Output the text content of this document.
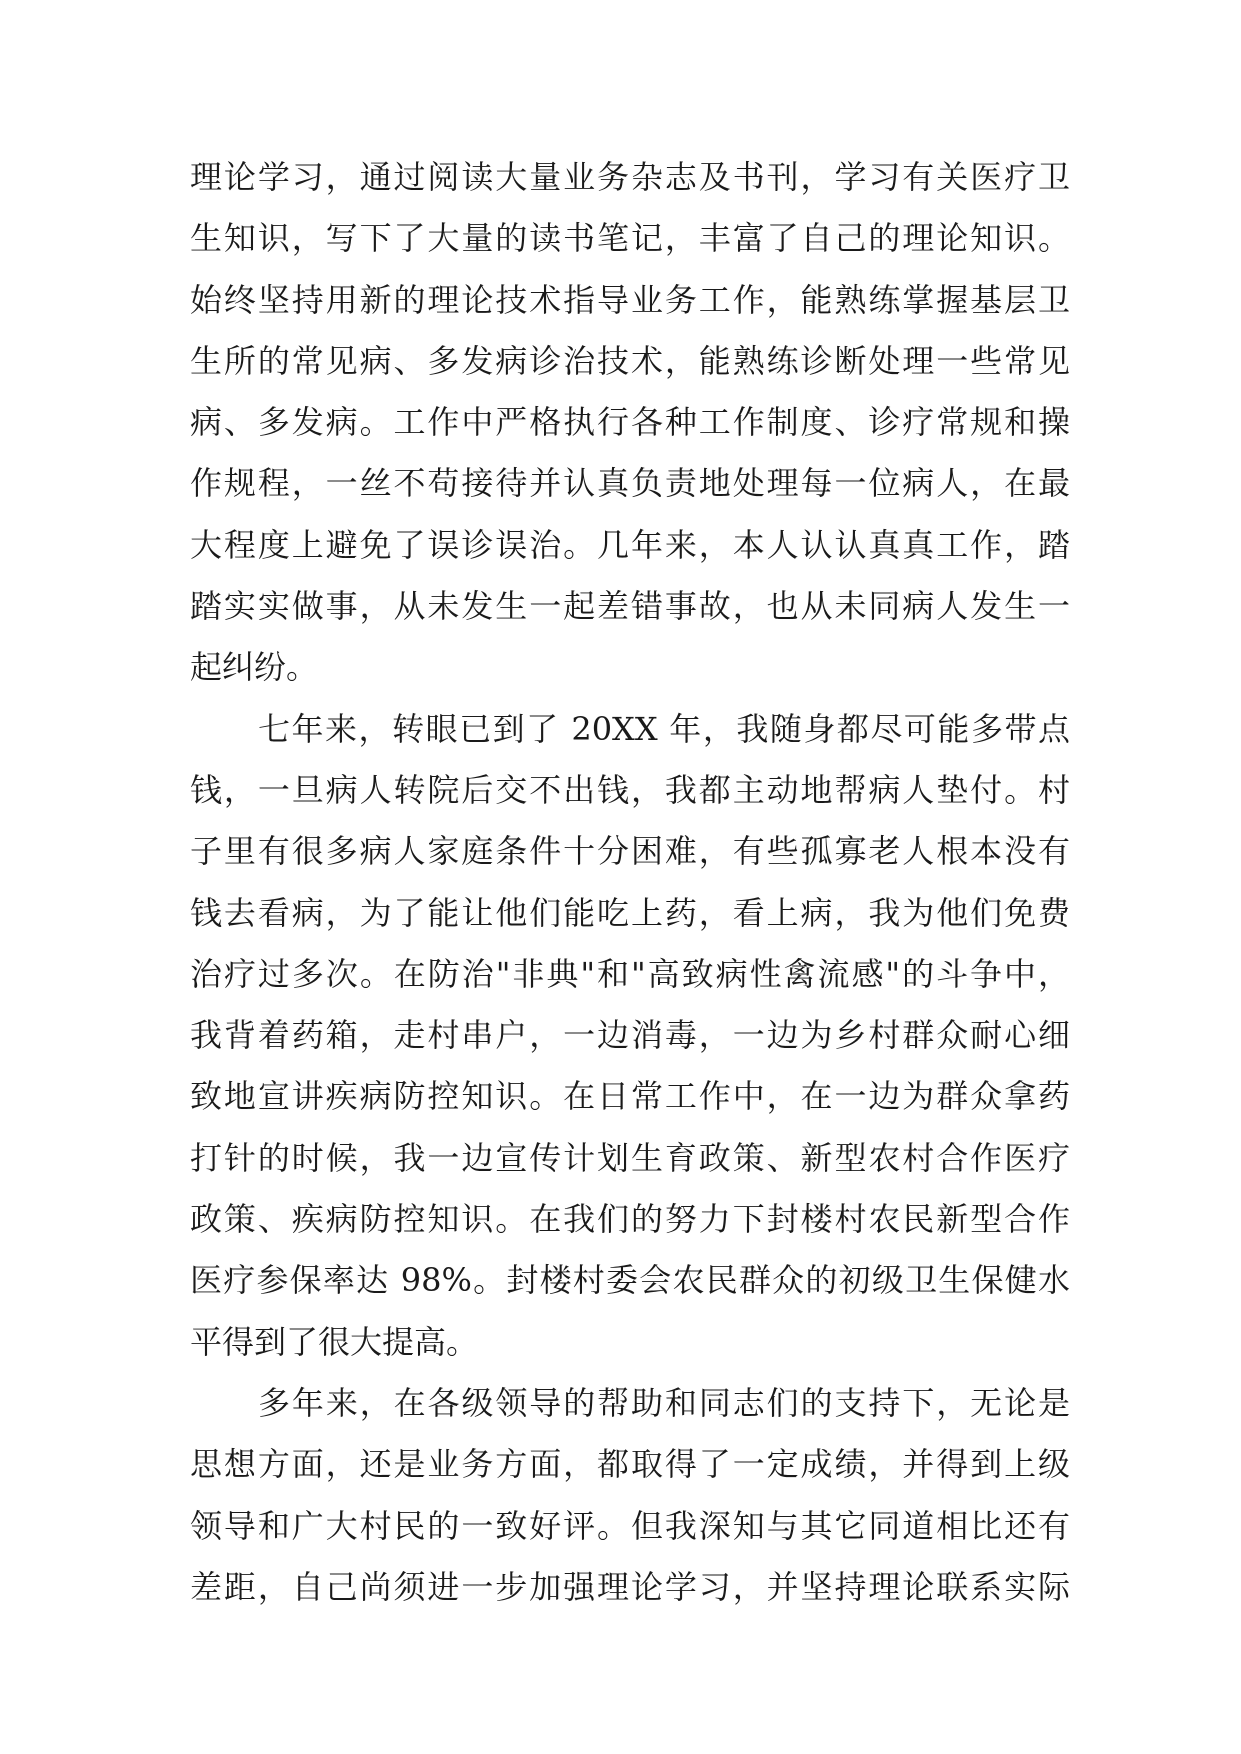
理论学习，通过阅读大量业务杂志及书刊，学习有关医疗卫
生知识，写下了大量的读书笔记，丰富了自己的理论知识。
始终坚持用新的理论技术指导业务工作，能熟练掌握基层卫
生所的常见病、多发病诊治技术，能熟练诊断处理一些常见
病、多发病。工作中严格执行各种工作制度、诊疗常规和操
作规程，一丝不苟接待并认真负责地处理每一位病人，在最
大程度上避免了误诊误治。几年来，本人认认真真工作，踏
踏实实做事，从未发生一起差错事故，也从未同病人发生一
起纠纷。
七年来，转眼已到了 20XX 年，我随身都尽可能多带点
钱，一旦病人转院后交不出钱，我都主动地帮病人垫付。村
子里有很多病人家庭条件十分困难，有些孤寡老人根本没有
钱去看病，为了能让他们能吃上药，看上病，我为他们免费
治疗过多次。在防治"非典"和"高致病性禽流感"的斗争中，
我背着药箱，走村串户，一边消毒，一边为乡村群众耐心细
致地宣讲疾病防控知识。在日常工作中，在一边为群众拿药
打针的时候，我一边宣传计划生育政策、新型农村合作医疗
政策、疾病防控知识。在我们的努力下封楼村农民新型合作
医疗参保率达 98%。封楼村委会农民群众的初级卫生保健水
平得到了很大提高。
多年来，在各级领导的帮助和同志们的支持下，无论是
思想方面，还是业务方面，都取得了一定成绩，并得到上级
领导和广大村民的一致好评。但我深知与其它同道相比还有
差距，自己尚须进一步加强理论学习，并坚持理论联系实际
